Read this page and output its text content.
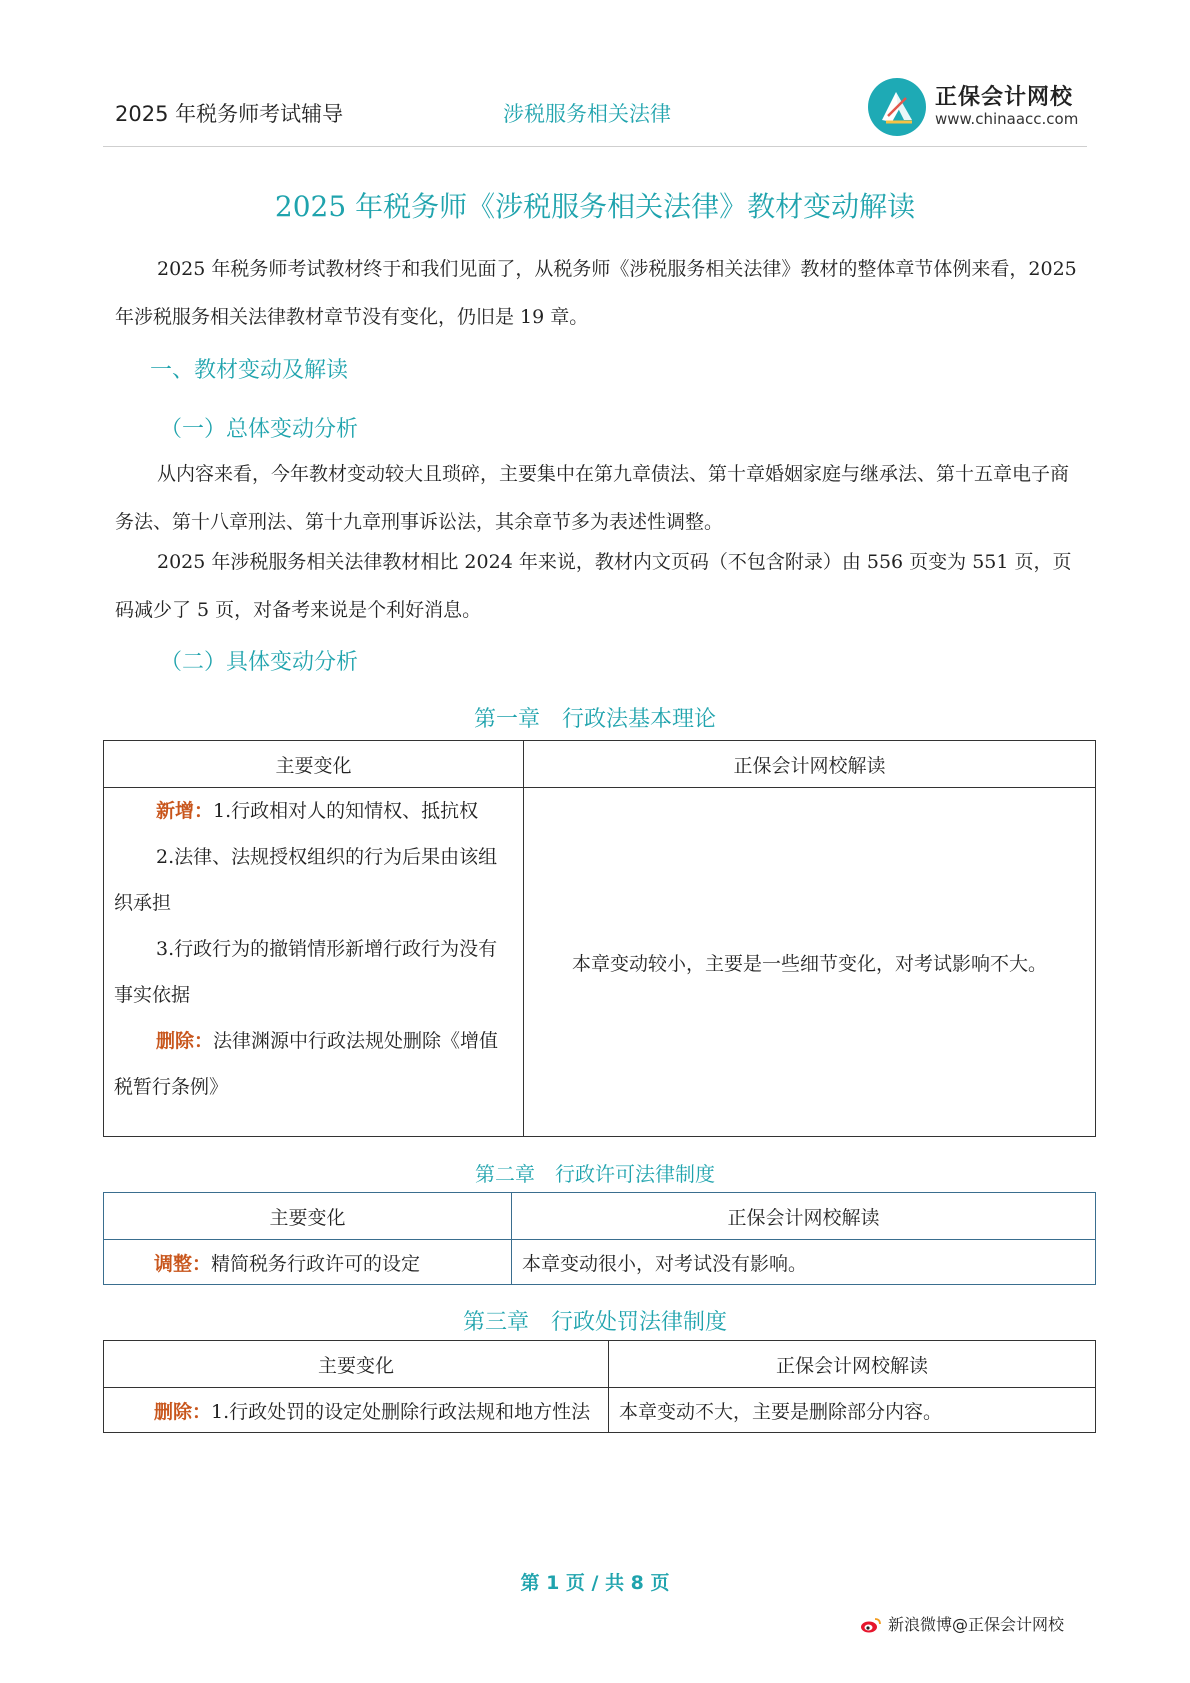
2025 年税务师考试辅导	涉税服务相关法律
正保会计网校
www.chinaacc.com
2025 年税务师《涉税服务相关法律》教材变动解读

2025 年税务师考试教材终于和我们见面了，从税务师《涉税服务相关法律》教材的整体章节体例来看，2025 年涉税服务相关法律教材章节没有变化，仍旧是 19 章。

一、教材变动及解读
（一）总体变动分析

从内容来看，今年教材变动较大且琐碎，主要集中在第九章债法、第十章婚姻家庭与继承法、第十五章电子商务法、第十八章刑法、第十九章刑事诉讼法，其余章节多为表述性调整。

2025 年涉税服务相关法律教材相比 2024 年来说，教材内文页码（不包含附录）由 556 页变为 551 页，页码减少了 5 页，对备考来说是个利好消息。

（二）具体变动分析
第一章　行政法基本理论
主要变化	正保会计网校解读

新增：1.行政相对人的知情权、抵抗权

2.法律、法规授权组织的行为后果由该组织承担

3.行政行为的撤销情形新增行政行为没有事实依据

删除：法律渊源中行政法规处删除《增值税暂行条例》	本章变动较小，主要是一些细节变化，对考试影响不大。
第二章　行政许可法律制度
主要变化	正保会计网校解读
调整：精简税务行政许可的设定	本章变动很小，对考试没有影响。
第三章　行政处罚法律制度
主要变化	正保会计网校解读
删除：1.行政处罚的设定处删除行政法规和地方性法	本章变动不大，主要是删除部分内容。
第 1 页 / 共 8 页
新浪微博@正保会计网校
